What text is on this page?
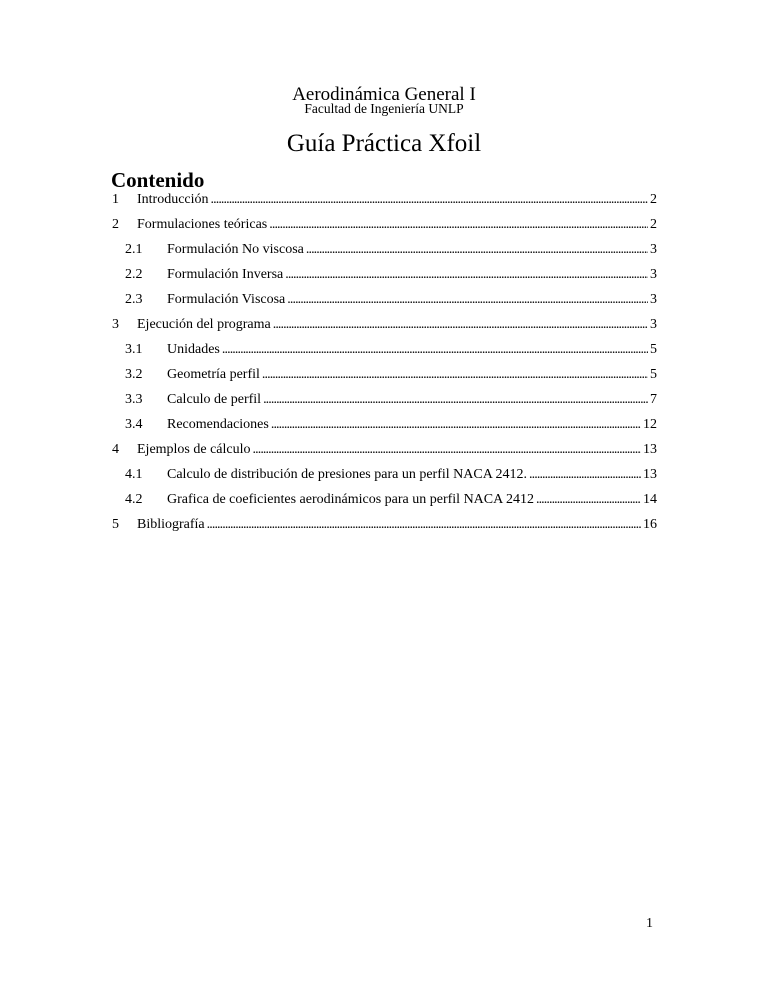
Aerodinámica General I
Facultad de Ingeniería UNLP
Guía Práctica Xfoil
Contenido
1	Introducción . . .	2
2	Formulaciones teóricas . . .	2
2.1	Formulación No viscosa . . .	3
2.2	Formulación Inversa . . .	3
2.3	Formulación Viscosa . . .	3
3	Ejecución del programa . . .	3
3.1	Unidades . . .	5
3.2	Geometría perfil . . .	5
3.3	Calculo de perfil . . .	7
3.4	Recomendaciones . . .	12
4	Ejemplos de cálculo . . .	13
4.1	Calculo de distribución de presiones para un perfil NACA 2412. . . .	13
4.2	Grafica de coeficientes aerodinámicos para un perfil NACA 2412 . . .	14
5	Bibliografía . . .	16
1
